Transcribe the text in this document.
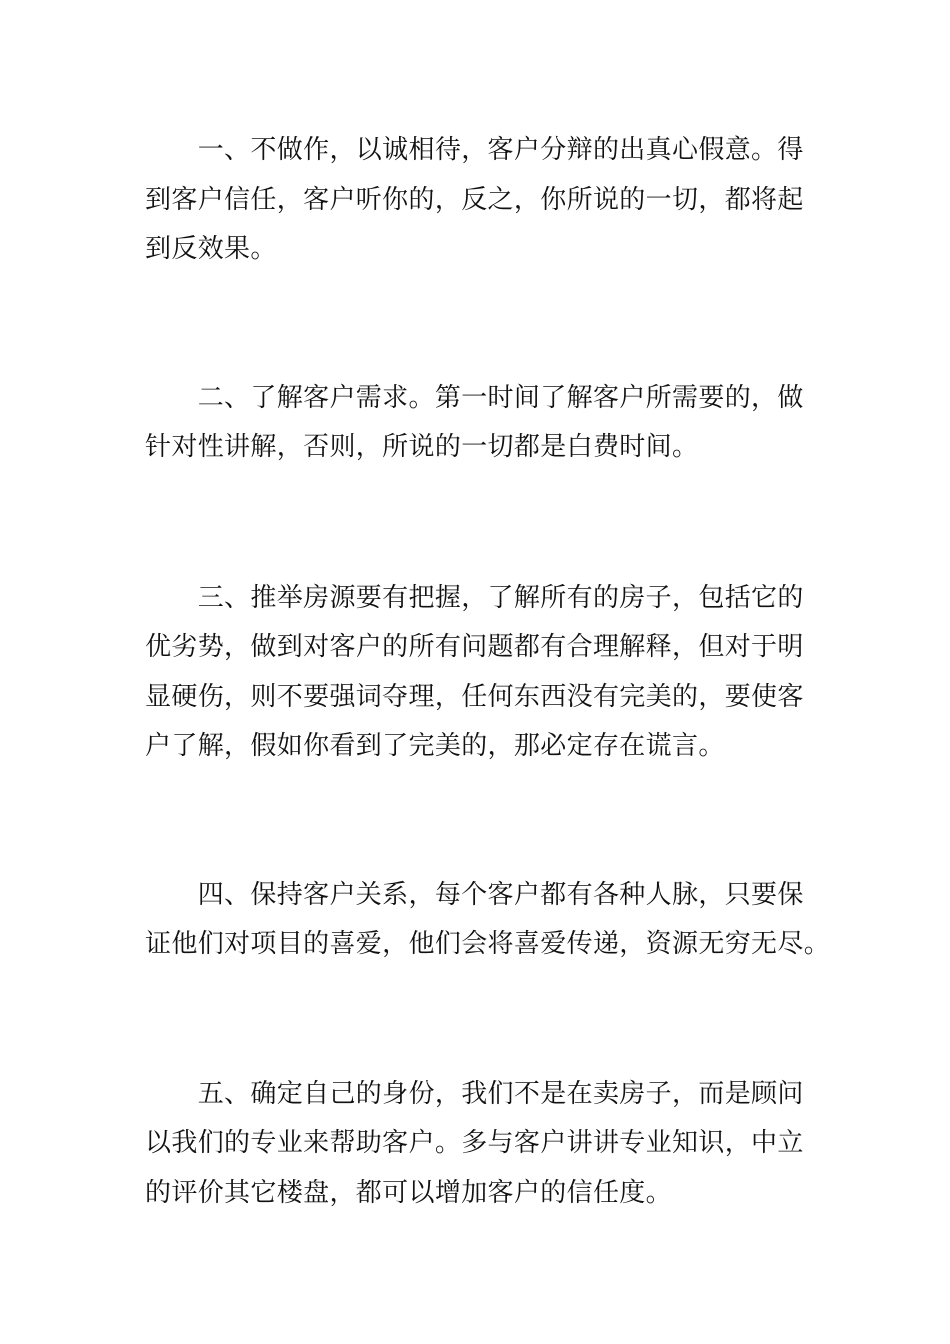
　　一、不做作，以诚相待，客户分辩的出真心假意。得
到客户信任，客户听你的，反之，你所说的一切，都将起
到反效果。
　　二、了解客户需求。第一时间了解客户所需要的，做
针对性讲解，否则，所说的一切都是白费时间。
　　三、推举房源要有把握，了解所有的房子，包括它的
优劣势，做到对客户的所有问题都有合理解释，但对于明
显硬伤，则不要强词夺理，任何东西没有完美的，要使客
户了解，假如你看到了完美的，那必定存在谎言。
　　四、保持客户关系，每个客户都有各种人脉，只要保
证他们对项目的喜爱，他们会将喜爱传递，资源无穷无尽。
　　五、确定自己的身份，我们不是在卖房子，而是顾问
以我们的专业来帮助客户。多与客户讲讲专业知识，中立
的评价其它楼盘，都可以增加客户的信任度。
